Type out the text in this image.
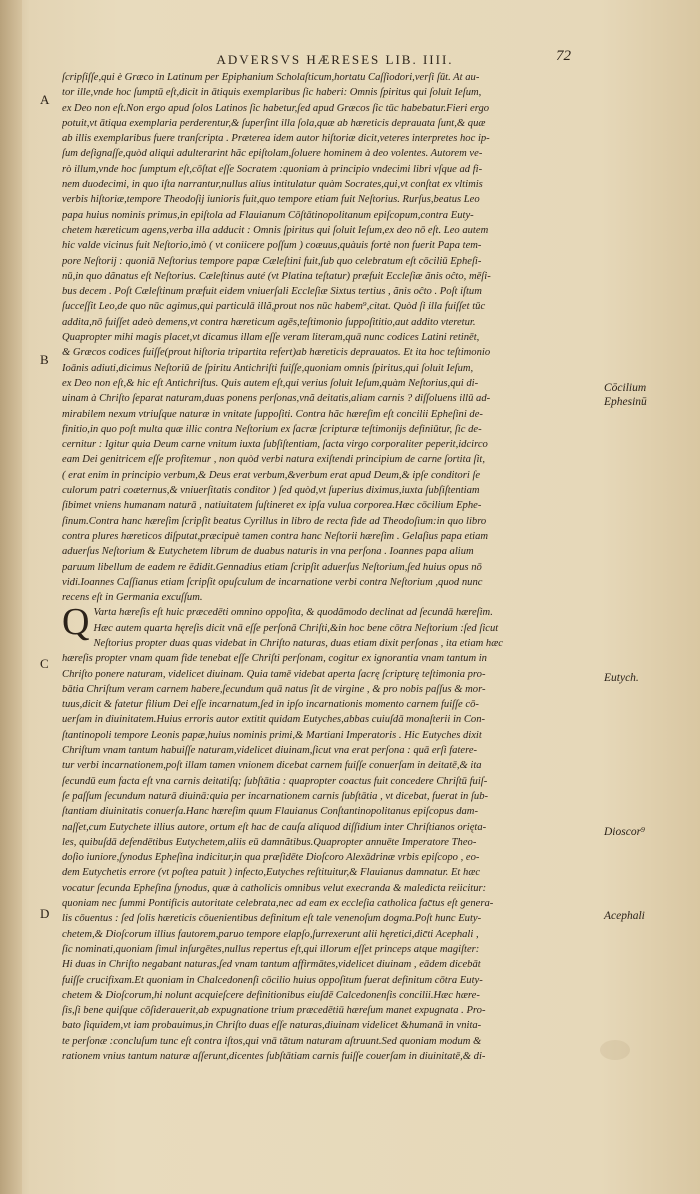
ADVERSVS HÆRESES LIB. IIII.	72
A
B
C
D
Cōcilium
Ephesinū
Eutych.
Dioscor⁹
Acephali
ſcripſiſſe,qui è Græco in Latinum per Epiphanium Scholaſticum,hortatu Caſſiodori,verſi ſūt. At au-
tor ille,vnde hoc ſumptū eſt,dicit in ātiquis exemplaribus ſic haberi: Omnis ſpiritus qui ſoluit Ieſum,
ex Deo non eſt.Non ergo apud ſolos Latinos ſic habetur,ſed apud Græcos ſic tūc habebatur.Fieri ergo
potuit,vt ātiqua exemplaria perderentur,& ſuperſint illa ſola,quæ ab hæreticis deprauata ſunt,& quæ
ab illis exemplaribus fuere tranſcripta . Præterea idem autor hiſtoriæ dicit,veteres interpretes hoc ip-
ſum deſignaſſe,quòd aliqui adulterarint hãc epiſtolam,ſoluere hominem à deo volentes. Autorem ve-
rò illum,vnde hoc ſumptum eſt,cōſtat eſſe Socratem :quoniam à principio vndecimi libri vſque ad fi-
nem duodecimi, in quo iſta narrantur,nullus alius intitulatur quàm Socrates,qui,vt conſtat ex vltimis
verbis hiſtoriæ,tempore Theodoſij iunioris fuit,quo tempore etiam fuit Neſtorius. Rurſus,beatus Leo
papa huius nominis primus,in epiſtola ad Flauianum Cōſtātinopolitanum epiſcopum,contra Euty-
chetem hæreticum agens,verba illa adducit : Omnis ſpiritus qui ſoluit Ieſum,ex deo nō eſt. Leo autem
hic valde vicinus fuit Neſtorio,imò ( vt coniicere poſſum ) coæuus,quàuis fortè non fuerit Papa tem-
pore Neſtorij : quoniā Neſtorius tempore papæ Cæleſtini fuit,ſub quo celebratum eſt cōciliū Epheſi-
nū,in quo dãnatus eſt Neſtorius. Cæleſtinus auté (vt Platina teſtatur) præfuit Eccleſiæ ãnis oĉto, mēſi-
bus decem . Poſt Cæleſtinum præfuit eidem vniuerſali Eccleſiæ Sixtus tertius , ãnis oĉto . Poſt iſtum
ſucceſſit Leo,de quo nūc agimus,qui particulā illã,prout nos nūc habem⁹,citat. Quòd ſi illa fuiſſet tūc
addita,nō fuiſſet adeò demens,vt contra hæreticum agēs,teſtimonio ſuppoſititio,aut addito vteretur.
Quapropter mihi magis placet,vt dicamus illam eſſe veram literam,quā nunc codices Latini retinēt,
& Græcos codices fuiſſe(prout hiſtoria tripartita refert)ab hæreticis deprauatos. Et ita hoc teſtimonio
Ioānis adiuti,dicimus Neſtoriū de ſpiritu Antichriſti fuiſſe,quoniam omnis ſpiritus,qui ſoluit Ieſum,
ex Deo non eſt,& hic eſt Antichriſtus. Quis autem eſt,qui verius ſoluit Ieſum,quàm Neſtorius,qui di-
uinam à Chriſto ſeparat naturam,duas ponens perſonas,vnã deitatis,aliam carnis ? diſſoluens illū ad-
mirabilem nexum vtriuſque naturæ in vnitate ſuppoſiti. Contra hãc hæreſim eſt concilii Epheſini de-
finitio,in quo poſt multa quæ illic contra Neſtorium ex ſacræ ſcripturæ teſtimonijs definiūtur, ſic de-
cernitur : Igitur quia Deum carne vnitum iuxta ſubſiſtentiam, ſacta virgo corporaliter peperit,idcirco
eam Dei genitricem eſſe profitemur , non quòd verbi natura exiſtendi principium de carne ſortita ſit,
( erat enim in principio verbum,& Deus erat verbum,&verbum erat apud Deum,& ipſe conditori ſe
culorum patri coæternus,& vniuerſitatis conditor ) ſed quòd,vt ſuperius diximus,iuxta ſubſiſtentiam
ſibimet vniens humanam naturā , natiuitatem ſuſtineret ex ipſa vulua corporea.Hæc cōcilium Ephe-
ſinum.Contra hanc hæreſim ſcripſit beatus Cyrillus in libro de recta fide ad Theodoſium:in quo libro
contra plures hæreticos diſputat,præcipuè tamen contra hanc Neſtorii hæreſim . Gelaſius papa etiam
aduerſus Neſtorium & Eutychetem librum de duabus naturis in vna perſona . Ioannes papa alium
paruum libellum de eadem re ēdidit.Gennadius etiam ſcripſit aduerſus Neſtorium,ſed huius opus nō
vidi.Ioannes Caſſianus etiam ſcripſit opuſculum de incarnatione verbi contra Neſtorium ,quod nunc
recens eſt in Germania excuſſum.
Q Varta hæreſis eſt huic præcedēti omnino oppoſita, & quodāmodo declinat ad ſecundā hæreſim.
Hæc autem quarta hęreſis dicit vnā eſſe perſonā Chriſti,&in hoc bene cōtra Neſtorium :ſed ſicut
Neſtorius propter duas quas videbat in Chriſto naturas, duas etiam dixit perſonas , ita etiam hæc
hæreſis propter vnam quam fide tenebat eſſe Chriſti perſonam, cogitur ex ignorantia vnam tantum in
Chriſto ponere naturam, videlicet diuinam. Quia tamē videbat aperta ſacrę ſcripturę teſtimonia pro-
bātia Chriſtum veram carnem habere,ſecundum quā natus ſit de virgine , & pro nobis paſſus & mor-
tuus,dicit & fatetur filium Dei eſſe incarnatum,ſed in ipſo incarnationis momento carnem fuiſſe cō-
uerſam in diuinitatem.Huius erroris autor extitit quidam Eutyches,abbas cuiuſdā monaſterii in Con-
ſtantinopoli tempore Leonis papæ,huius nominis primi,& Martiani Imperatoris . Hic Eutyches dixit
Chriſtum vnam tantum habuiſſe naturam,videlicet diuinam,ſicut vna erat perſona : quā erſi fatere-
tur verbi incarnationem,poſt illam tamen vnionem dicebat carnem fuiſſe conuerſam in deitatē,& ita
ſecundū eum facta eſt vna carnis deitatiſq; ſubſtātia : quapropter coactus fuit concedere Chriſtū fuiſ-
ſe paſſum ſecundum naturā diuinā:quia per incarnationem carnis ſubſtātia , vt dicebat, fuerat in ſub-
ſtantiam diuinitatis conuerſa.Hanc hæreſim quum Flauianus Conſtantinopolitanus epiſcopus dam-
naſſet,cum Eutychete illius autore, ortum eſt hac de cauſa aliquod diſſidium inter Chriſtianos orięta-
les, quibuſdā defendētibus Eutychetem,aliis eū damnãtibus.Quapropter annuēte Imperatore Theo-
doſio iuniore,ſynodus Epheſina indicitur,in qua præſidēte Dioſcoro Alexādrinæ vrbis epiſcopo , eo-
dem Eutychetis errore (vt poſtea patuit ) infecto,Eutyches reſtituitur,& Flauianus damnatur. Et hæc
vocatur ſecunda Epheſina ſynodus, quæ à catholicis omnibus velut execranda & maledicta reiicitur:
quoniam nec ſummi Pontificis autoritate celebrata,nec ad eam ex eccleſia catholica fac̄tus eſt genera-
lis cōuentus : ſed ſolis hæreticis cōuenientibus definitum eſt tale venenoſum dogma.Poſt hunc Euty-
chetem,& Dioſcorum illius fautorem,paruo tempore elapſo,ſurrexerunt alii hęretici,dic̄ti Acephali ,
ſic nominati,quoniam ſimul inſurgētes,nullus repertus eſt,qui illorum eſſet princeps atque magiſter:
Hi duas in Chriſto negabant naturas,ſed vnam tantum affirmātes,videlicet diuinam , eādem dicebāt
fuiſſe crucifixam.Et quoniam in Chalcedonenſi cōcilio huius oppoſitum fuerat definitum cōtra Euty-
chetem & Dioſcorum,hi nolunt acquieſcere definitionibus eiuſdē Calcedonenſis concilii.Hæc hære-
ſis,ſi bene quiſque cōſiderauerit,ab expugnatione trium præcedētiū hæreſum manet expugnata . Pro-
bato ſiquidem,vt iam probauimus,in Chriſto duas eſſe naturas,diuinam videlicet &humanā in vnita-
te perſonæ :concluſum tunc eſt contra iſtos,qui vnā tātum naturam aſtruunt.Sed quoniam modum &
rationem vnius tantum naturæ aſſerunt,dicentes ſubſtātiam carnis fuiſſe couerſam in diuinitatē,& di-
